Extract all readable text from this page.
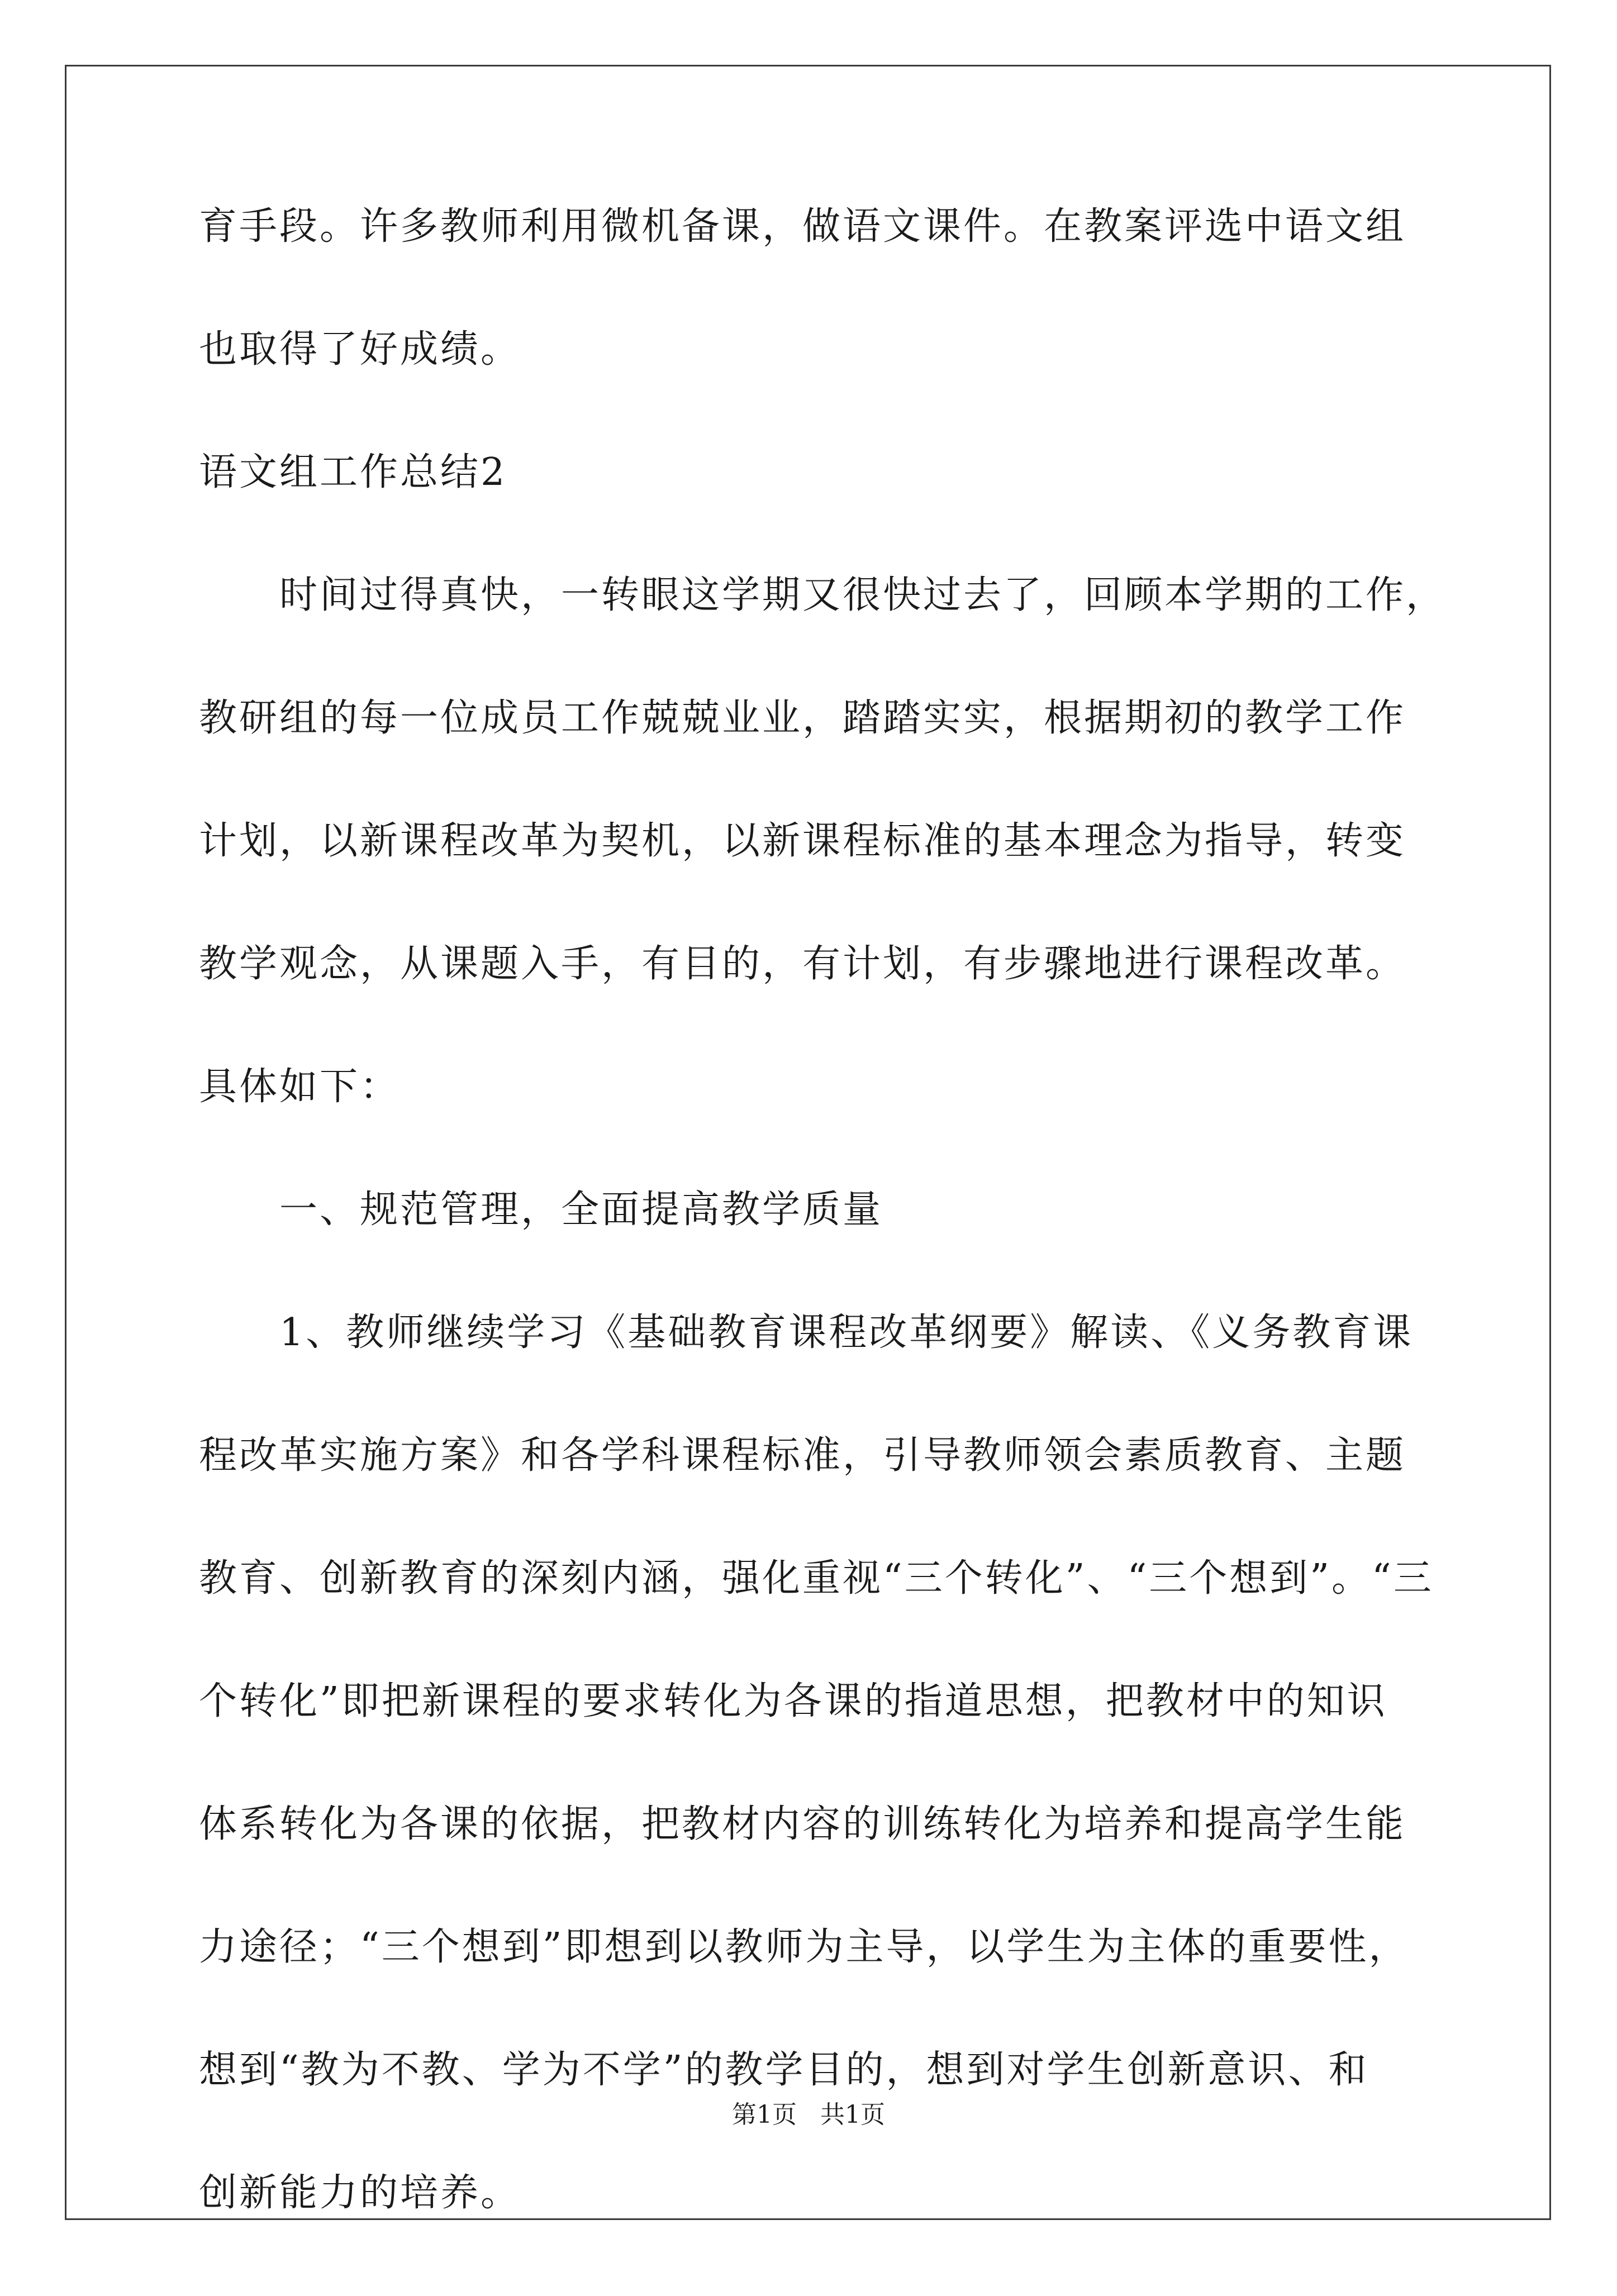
育手段。许多教师利用微机备课，做语文课件。在教案评选中语文组
也取得了好成绩。
语文组工作总结2
时间过得真快，一转眼这学期又很快过去了，回顾本学期的工作，
教研组的每一位成员工作兢兢业业，踏踏实实，根据期初的教学工作
计划，以新课程改革为契机，以新课程标准的基本理念为指导，转变
教学观念，从课题入手，有目的，有计划，有步骤地进行课程改革。
具体如下：
一、规范管理，全面提高教学质量
1、教师继续学习《基础教育课程改革纲要》解读、《义务教育课
程改革实施方案》和各学科课程标准，引导教师领会素质教育、主题
教育、创新教育的深刻内涵，强化重视“三个转化”、“三个想到”。“三
个转化”即把新课程的要求转化为各课的指道思想，把教材中的知识
体系转化为各课的依据，把教材内容的训练转化为培养和提高学生能
力途径；“三个想到”即想到以教师为主导，以学生为主体的重要性，
想到“教为不教、学为不学”的教学目的，想到对学生创新意识、和
创新能力的培养。
第1页   共1页
